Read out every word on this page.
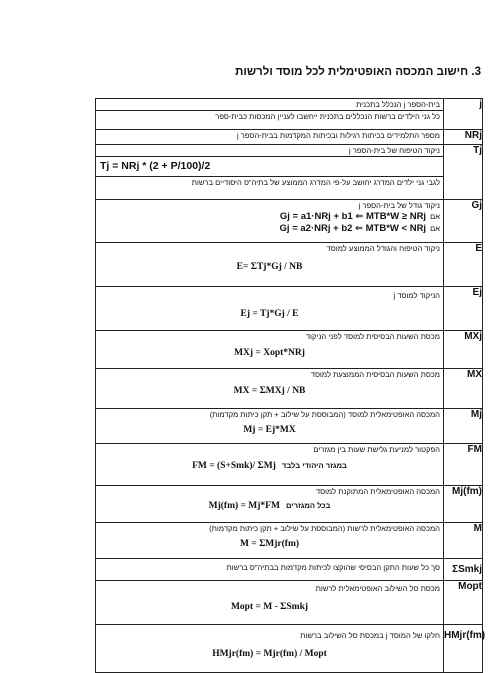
3. חישוב המכסה האופטימלית לכל מוסד ולרשות
בית-הספר j הנכלל בתכנית
כל גני הילדים ברשות הנכללים בתכנית ייחשבו לעניין המכסות כבית-ספר	j

מספר התלמידים בכיתות רגילות ובכיתות המקדמות בבית-הספר j	NRj

ניקוד הטיפוח של בית-הספר j
Tj = NRj * (2 + P/100)/2
לגבי גני ילדים המדרג יחושב על-פי המדרג הממוצע של בתיה"ס היסודיים ברשות	Tj

ניקוד גודל של בית-הספר j
Gj = a1·NRj + b1 ⇐ MTB*W ≥ NRj אם
Gj = a2·NRj + b2 ⇐ MTB*W < NRj אם	Gj

ניקוד הטיפוח והגודל הממוצע למוסד
E= ΣTj*Gj / NB	E

הניקוד למוסד j
Ej = Tj*Gj / E	Ej

מכסת השעות הבסיסית למוסד לפני הניקוד
MXj = Xopt*NRj	MXj

מכסת השעות הבסיסית הממוצעת למוסד
MX = ΣMXj / NB	MX

המכסה האופטימאלית למוסד (המבוססת על שילוב + תקן כיתות מקדמות)
Mj = Ej*MX	Mj

הפקטור למניעת גלישת שעות בין מגזרים
FM = (S+Smk)/ ΣMj במגזר היהודי בלבד	FM

המכסה האופטימאלית המתוקנת למוסד
Mj(fm) = Mj*FM בכל המגזרים	Mj(fm)

המכסה האופטימאלית לרשות (המבוססת על שילוב + תקן כיתות מקדמות)
M = ΣMjr(fm)	M

סך כל שעות התקן הבסיסי שהוקצו לכיתות מקדמות בבתיה"ס ברשות	ΣSmkj

מכסת סל השילוב האופטימאלית לרשות
Mopt = M - ΣSmkj	Mopt

חלקו של המוסד j במכסת סל השילוב ברשות
HMjr(fm) = Mjr(fm) / Mopt	HMjr(fm)
